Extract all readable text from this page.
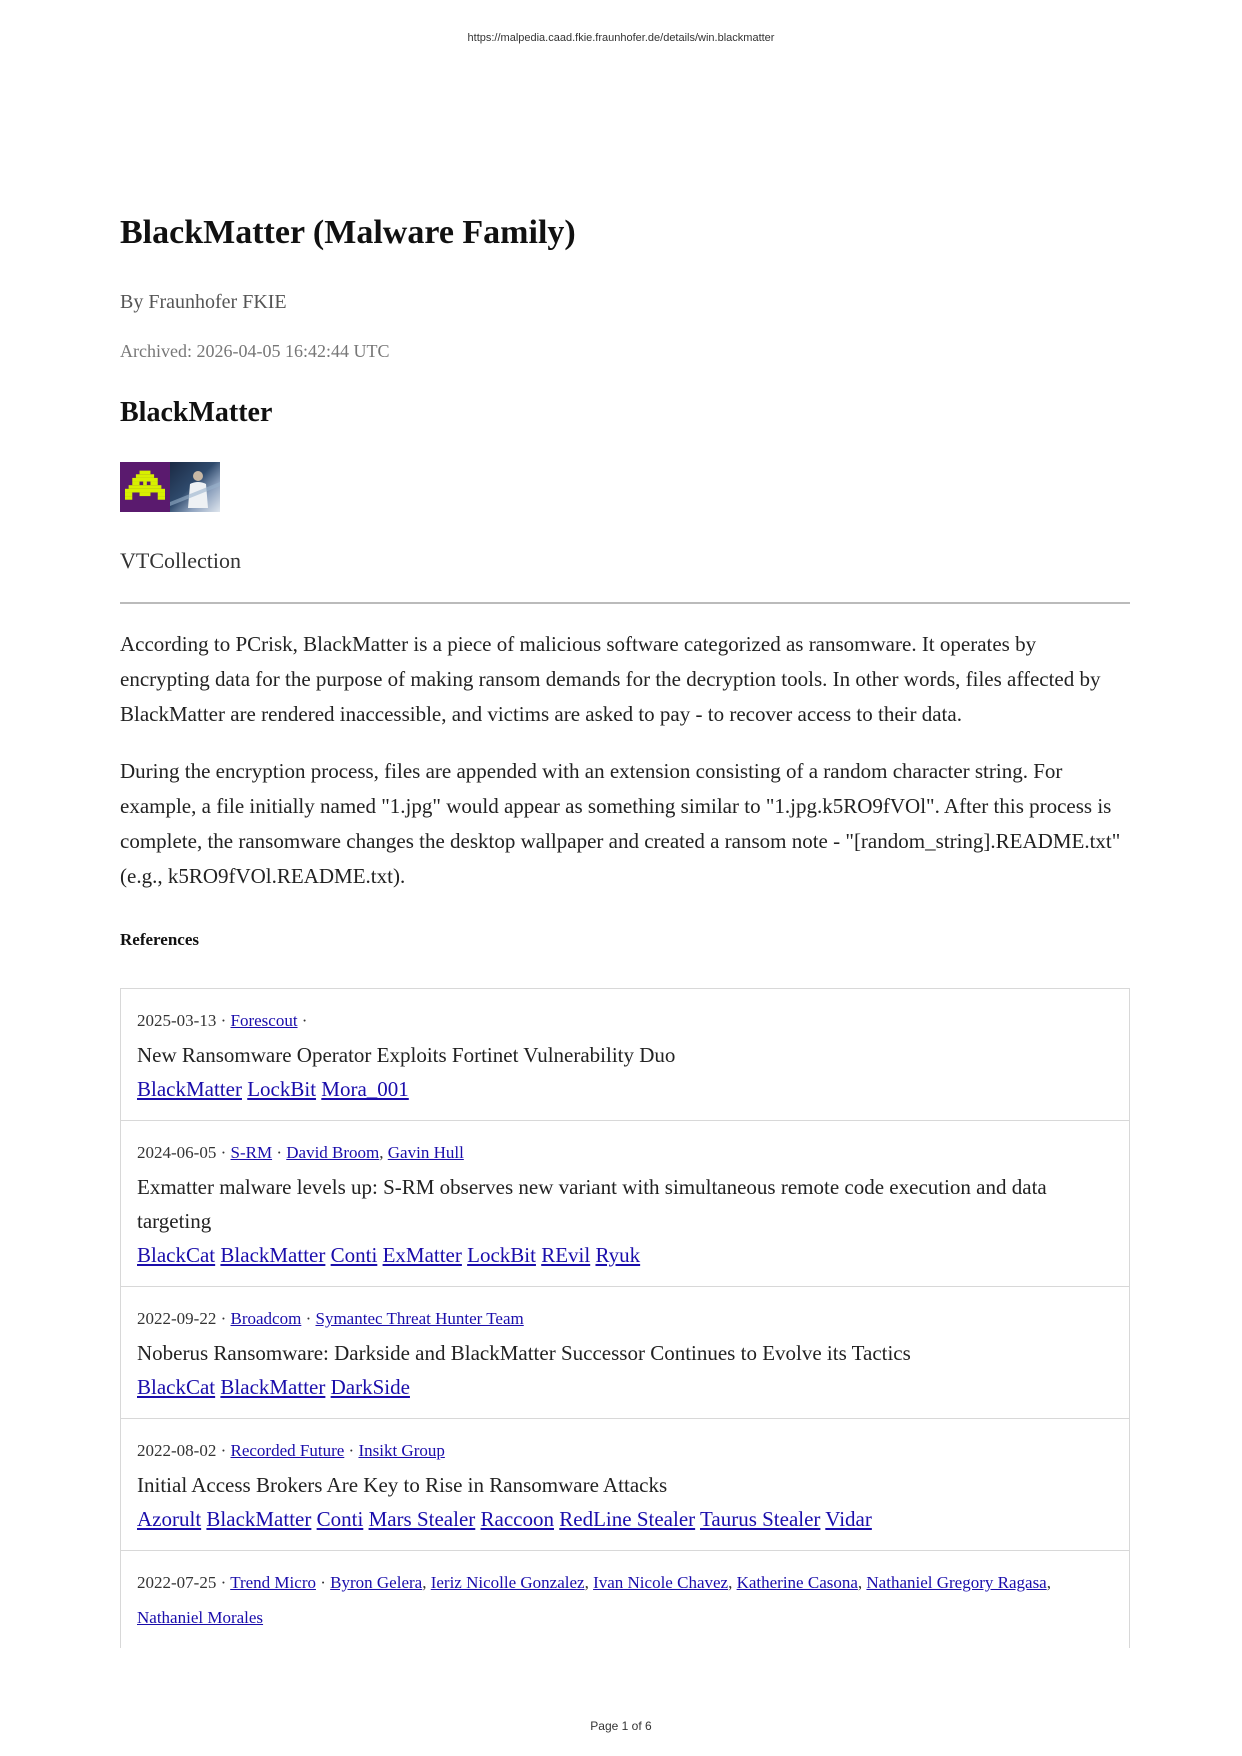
https://malpedia.caad.fkie.fraunhofer.de/details/win.blackmatter
BlackMatter (Malware Family)
By Fraunhofer FKIE
Archived: 2026-04-05 16:42:44 UTC
BlackMatter
VTCollection

According to PCrisk, BlackMatter is a piece of malicious software categorized as ransomware. It operates by encrypting data for the purpose of making ransom demands for the decryption tools. In other words, files affected by BlackMatter are rendered inaccessible, and victims are asked to pay - to recover access to their data.

During the encryption process, files are appended with an extension consisting of a random character string. For example, a file initially named "1.jpg" would appear as something similar to "1.jpg.k5RO9fVOl". After this process is complete, the ransomware changes the desktop wallpaper and created a ransom note - "[random_string].README.txt" (e.g., k5RO9fVOl.README.txt).

References
2025-03-13 · Forescout ·
New Ransomware Operator Exploits Fortinet Vulnerability Duo
BlackMatter LockBit Mora_001
2024-06-05 · S-RM · David Broom, Gavin Hull
Exmatter malware levels up: S-RM observes new variant with simultaneous remote code execution and data targeting
BlackCat BlackMatter Conti ExMatter LockBit REvil Ryuk
2022-09-22 · Broadcom · Symantec Threat Hunter Team
Noberus Ransomware: Darkside and BlackMatter Successor Continues to Evolve its Tactics
BlackCat BlackMatter DarkSide
2022-08-02 · Recorded Future · Insikt Group
Initial Access Brokers Are Key to Rise in Ransomware Attacks
Azorult BlackMatter Conti Mars Stealer Raccoon RedLine Stealer Taurus Stealer Vidar
2022-07-25 · Trend Micro · Byron Gelera, Ieriz Nicolle Gonzalez, Ivan Nicole Chavez, Katherine Casona, Nathaniel Gregory Ragasa, Nathaniel Morales
Page 1 of 6
